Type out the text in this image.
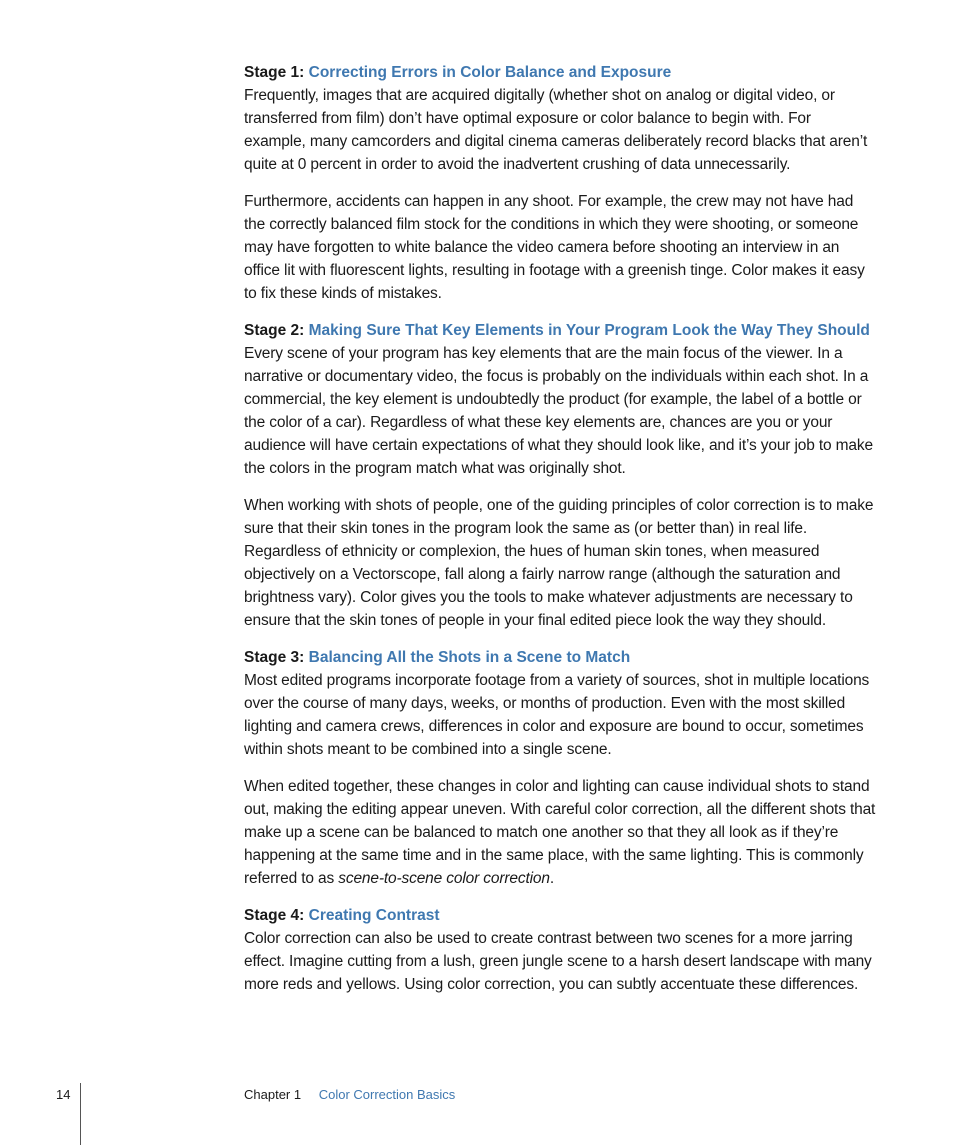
Stage 1: Correcting Errors in Color Balance and Exposure

Frequently, images that are acquired digitally (whether shot on analog or digital video, or transferred from film) don’t have optimal exposure or color balance to begin with. For example, many camcorders and digital cinema cameras deliberately record blacks that aren’t quite at 0 percent in order to avoid the inadvertent crushing of data unnecessarily.

Furthermore, accidents can happen in any shoot. For example, the crew may not have had the correctly balanced film stock for the conditions in which they were shooting, or someone may have forgotten to white balance the video camera before shooting an interview in an office lit with fluorescent lights, resulting in footage with a greenish tinge. Color makes it easy to fix these kinds of mistakes.

Stage 2: Making Sure That Key Elements in Your Program Look the Way They Should

Every scene of your program has key elements that are the main focus of the viewer. In a narrative or documentary video, the focus is probably on the individuals within each shot. In a commercial, the key element is undoubtedly the product (for example, the label of a bottle or the color of a car). Regardless of what these key elements are, chances are you or your audience will have certain expectations of what they should look like, and it’s your job to make the colors in the program match what was originally shot.

When working with shots of people, one of the guiding principles of color correction is to make sure that their skin tones in the program look the same as (or better than) in real life. Regardless of ethnicity or complexion, the hues of human skin tones, when measured objectively on a Vectorscope, fall along a fairly narrow range (although the saturation and brightness vary). Color gives you the tools to make whatever adjustments are necessary to ensure that the skin tones of people in your final edited piece look the way they should.

Stage 3: Balancing All the Shots in a Scene to Match

Most edited programs incorporate footage from a variety of sources, shot in multiple locations over the course of many days, weeks, or months of production. Even with the most skilled lighting and camera crews, differences in color and exposure are bound to occur, sometimes within shots meant to be combined into a single scene.

When edited together, these changes in color and lighting can cause individual shots to stand out, making the editing appear uneven. With careful color correction, all the different shots that make up a scene can be balanced to match one another so that they all look as if they’re happening at the same time and in the same place, with the same lighting. This is commonly referred to as scene-to-scene color correction.

Stage 4: Creating Contrast

Color correction can also be used to create contrast between two scenes for a more jarring effect. Imagine cutting from a lush, green jungle scene to a harsh desert landscape with many more reds and yellows. Using color correction, you can subtly accentuate these differences.

14	Chapter 1 Color Correction Basics
